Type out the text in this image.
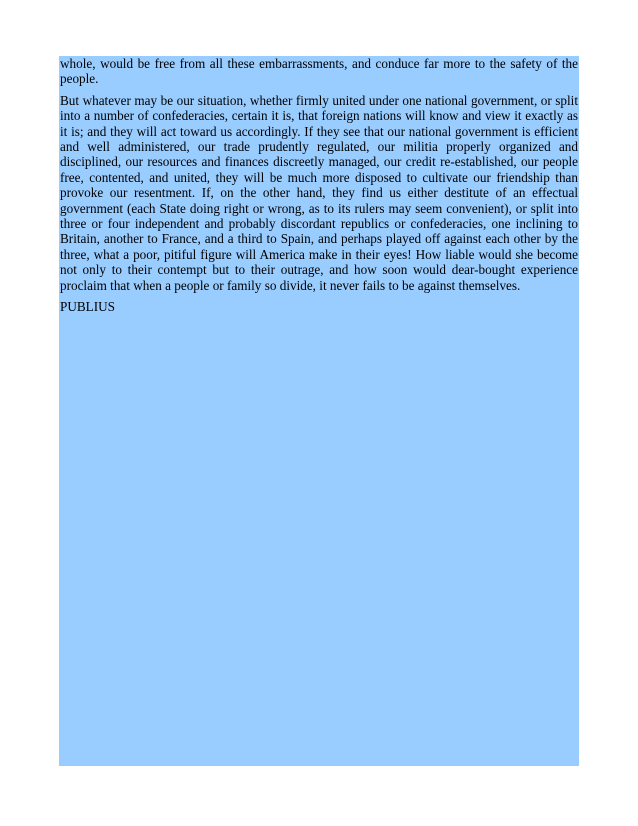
whole, would be free from all these embarrassments, and conduce far more to the safety of the people.

But whatever may be our situation, whether firmly united under one national government, or split into a number of confederacies, certain it is, that foreign nations will know and view it exactly as it is; and they will act toward us accordingly. If they see that our national government is efficient and well administered, our trade prudently regulated, our militia properly organized and disciplined, our resources and finances discreetly managed, our credit re-established, our people free, contented, and united, they will be much more disposed to cultivate our friendship than provoke our resentment. If, on the other hand, they find us either destitute of an effectual government (each State doing right or wrong, as to its rulers may seem convenient), or split into three or four independent and probably discordant republics or confederacies, one inclining to Britain, another to France, and a third to Spain, and perhaps played off against each other by the three, what a poor, pitiful figure will America make in their eyes! How liable would she become not only to their contempt but to their outrage, and how soon would dear-bought experience proclaim that when a people or family so divide, it never fails to be against themselves.

PUBLIUS
